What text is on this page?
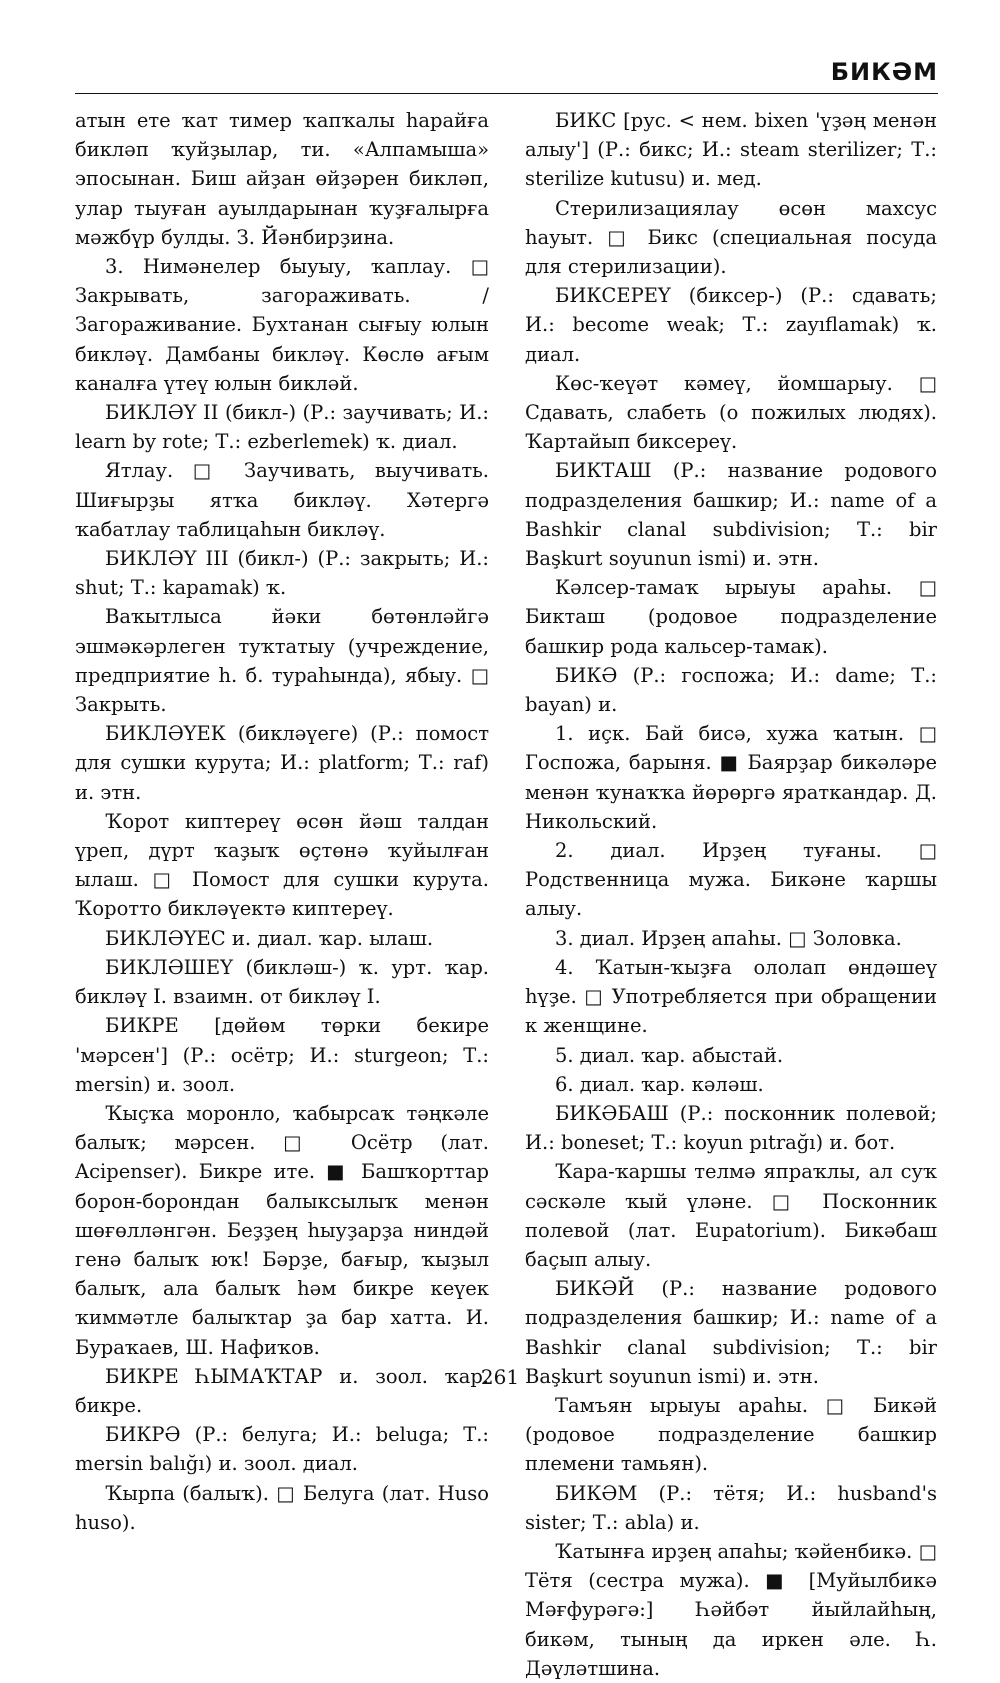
БИКӘМ

атын ете ҡат тимер ҡапҡалы һарайға бикләп ҡуйҙылар, ти. «Алпамыша» эпосынан. Биш айҙан өйҙәрен бикләп, улар тыуған ауылдарынан ҡуҙғалырға мәжбүр булды. З. Йәнбирҙина.

3. Нимәнелер быуыу, ҡаплау. □ Закрывать, загораживать. / Загораживание. Бухтанан сығыу юлын бикләү. Дамбаны бикләү. Көслө ағым каналға үтеү юлын бикләй.

БИКЛӘҮ II (бикл‑) (Р.: заучивать; И.: learn by rote; Т.: ezberlemek) ҡ. диал.

Ятлау. □ Заучивать, выучивать. Шиғырҙы ятҡа бикләү. Хәтергә ҡабатлау таблицаһын бикләү.

БИКЛӘҮ III (бикл‑) (Р.: закрыть; И.: shut; Т.: kapamak) ҡ.

Ваҡытлыса йәки бөтөнләйгә эшмәкәрлеген туҡтатыу (учреждение, предприятие һ. б. тураһында), ябыу. □ Закрыть.

БИКЛӘҮЕК (бикләүеге) (Р.: помост для сушки курута; И.: platform; Т.: raf) и. этн.

Ҡорот киптереү өсөн йәш талдан үреп, дүрт ҡаҙыҡ өҫтөнә ҡуйылған ылаш. □ Помост для сушки курута. Ҡоротто бикләүектә киптереү.

БИКЛӘҮЕС и. диал. ҡар. ылаш.

БИКЛӘШЕҮ (бикләш‑) ҡ. урт. ҡар. бикләү I. взаимн. от бикләү I.

БИКРЕ [дөйөм төрки бекире 'мәрсен'] (Р.: осётр; И.: sturgeon; Т.: mersin) и. зоол.

Ҡыҫҡа моронло, ҡабырсаҡ тәңкәле балыҡ; мәрсен. □ Осётр (лат. Acipenser). Бикре ите. ■ Башҡорттар борон‑борондан балыксылыҡ менән шөғөлләнгән. Беҙҙең һыуҙарҙа ниндәй генә балыҡ юҡ! Бәрҙе, бағыр, ҡыҙыл балыҡ, ала балыҡ һәм бикре кеүек ҡиммәтле балыҡтар ҙа бар хатта. И. Бураҡаев, Ш. Нафиҡов.

БИКРЕ ҺЫМАҠТАР и. зоол. ҡар. бикре.

БИКРӘ (Р.: белуга; И.: beluga; Т.: mersin balığı) и. зоол. диал.

Ҡырпа (балыҡ). □ Белуга (лат. Huso huso).

БИКС [рус. < нем. bixen 'үҙәң менән алыу'] (Р.: бикс; И.: steam sterilizer; Т.: sterilize kutusu) и. мед.

Стерилизациялау өсөн махсус һауыт. □ Бикс (специальная посуда для стерилизации).

БИКСЕРЕҮ (биксер‑) (Р.: сдавать; И.: become weak; Т.: zayıflamak) ҡ. диал.

Көс‑ҡеүәт кәмеү, йомшарыу. □ Сдавать, слабеть (о пожилых людях). Ҡартайып биксереү.

БИКТАШ (Р.: название родового подразделения башкир; И.: name of a Bashkir clanal subdivision; Т.: bir Başkurt soyunun ismi) и. этн.

Кәлсер‑тамаҡ ырыуы араһы. □ Бикташ (родовое подразделение башкир рода кальсер‑тамак).

БИКӘ (Р.: госпожа; И.: dame; Т.: bayan) и.

1. иҫк. Бай бисә, хужа ҡатын. □ Госпожа, барыня. ■ Баярҙар бикәләре менән ҡунаҡҡа йөрөргә яраткандар. Д. Никольский.

2. диал. Ирҙең туғаны. □ Родственница мужа. Бикәне ҡаршы алыу.

3. диал. Ирҙең апаһы. □ Золовка.

4. Ҡатын‑ҡыҙға ололап өндәшеү һүҙе. □ Употребляется при обращении к женщине.

5. диал. ҡар. абыстай.

6. диал. ҡар. кәләш.

БИКӘБАШ (Р.: посконник полевой; И.: boneset; Т.: koyun pıtrağı) и. бот.

Ҡара‑ҡаршы телмә япраҡлы, ал суҡ сәскәле ҡый үләне. □ Посконник полевой (лат. Eupatorium). Бикәбаш баҫып алыу.

БИКӘЙ (Р.: название родового подразделения башкир; И.: name of a Bashkir clanal subdivision; Т.: bir Başkurt soyunun ismi) и. этн.

Тамъян ырыуы араһы. □ Бикәй (родовое подразделение башкир племени тамьян).

БИКӘМ (Р.: тётя; И.: husband's sister; Т.: abla) и.

Ҡатынға ирҙең апаһы; ҡәйенбикә. □ Тётя (сестра мужа). ■ [Муйылбикә Мәғфурәгә:] Һәйбәт йыйлайһың, бикәм, тының да иркен әле. Һ. Дәүләтшина.

261
